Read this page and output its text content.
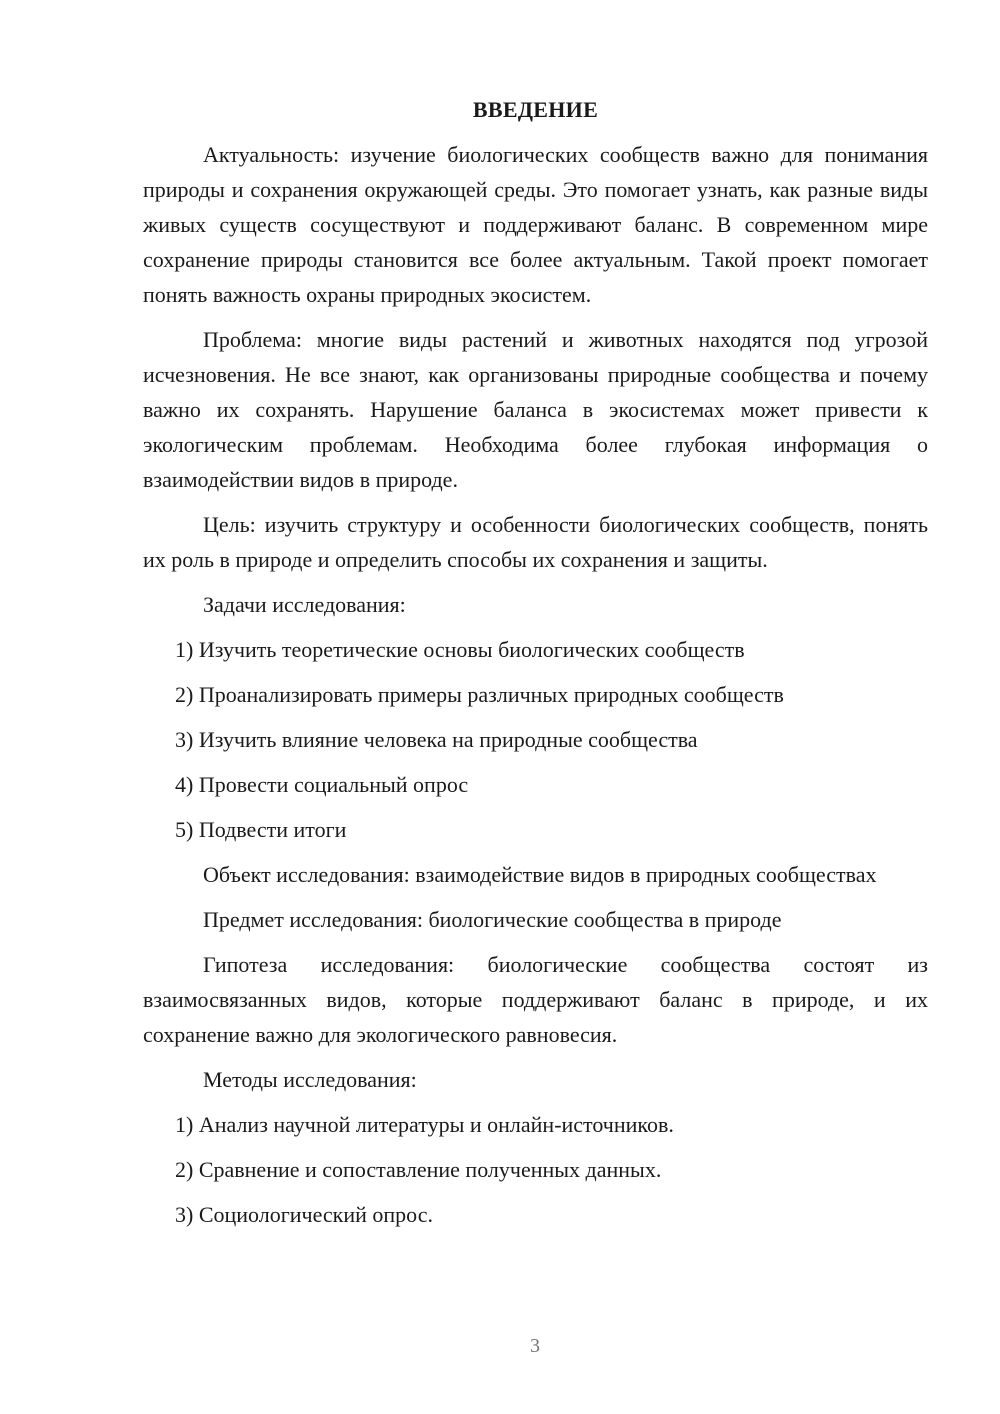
ВВЕДЕНИЕ

Актуальность: изучение биологических сообществ важно для понимания природы и сохранения окружающей среды. Это помогает узнать, как разные виды живых существ сосуществуют и поддерживают баланс. В современном мире сохранение природы становится все более актуальным. Такой проект помогает понять важность охраны природных экосистем.

Проблема: многие виды растений и животных находятся под угрозой исчезновения. Не все знают, как организованы природные сообщества и почему важно их сохранять. Нарушение баланса в экосистемах может привести к экологическим проблемам. Необходима более глубокая информация о взаимодействии видов в природе.

Цель: изучить структуру и особенности биологических сообществ, понять их роль в природе и определить способы их сохранения и защиты.

Задачи исследования:

1) Изучить теоретические основы биологических сообществ

2) Проанализировать примеры различных природных сообществ

3) Изучить влияние человека на природные сообщества

4) Провести социальный опрос

5) Подвести итоги

Объект исследования: взаимодействие видов в природных сообществах

Предмет исследования: биологические сообщества в природе

Гипотеза исследования: биологические сообщества состоят из взаимосвязанных видов, которые поддерживают баланс в природе, и их сохранение важно для экологического равновесия.

Методы исследования:

1) Анализ научной литературы и онлайн-источников.

2) Сравнение и сопоставление полученных данных.

3) Социологический опрос.

3
